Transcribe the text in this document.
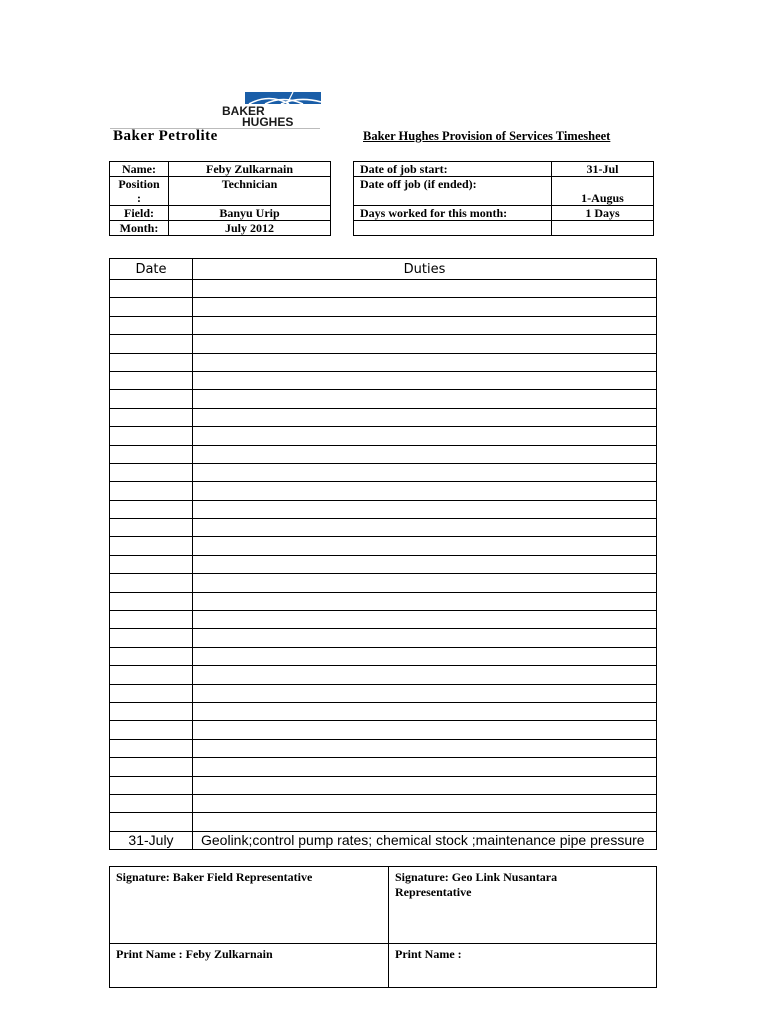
BAKER
HUGHES
Baker Petrolite	Baker Hughes Provision of Services Timesheet
Name:	Feby Zulkarnain

Position
:	Technician
Field:	Banyu Urip
Month:	July 2012
Date of job start:	31-Jul
Date off job (if ended):	1-Augus
Days worked for this month:	1 Days

Date	Duties

31-July	Geolink;control pump rates; chemical stock ;maintenance pipe pressure
Signature: Baker Field Representative	Signature: Geo Link Nusantara
Representative

Print Name : Feby Zulkarnain	Print Name :
